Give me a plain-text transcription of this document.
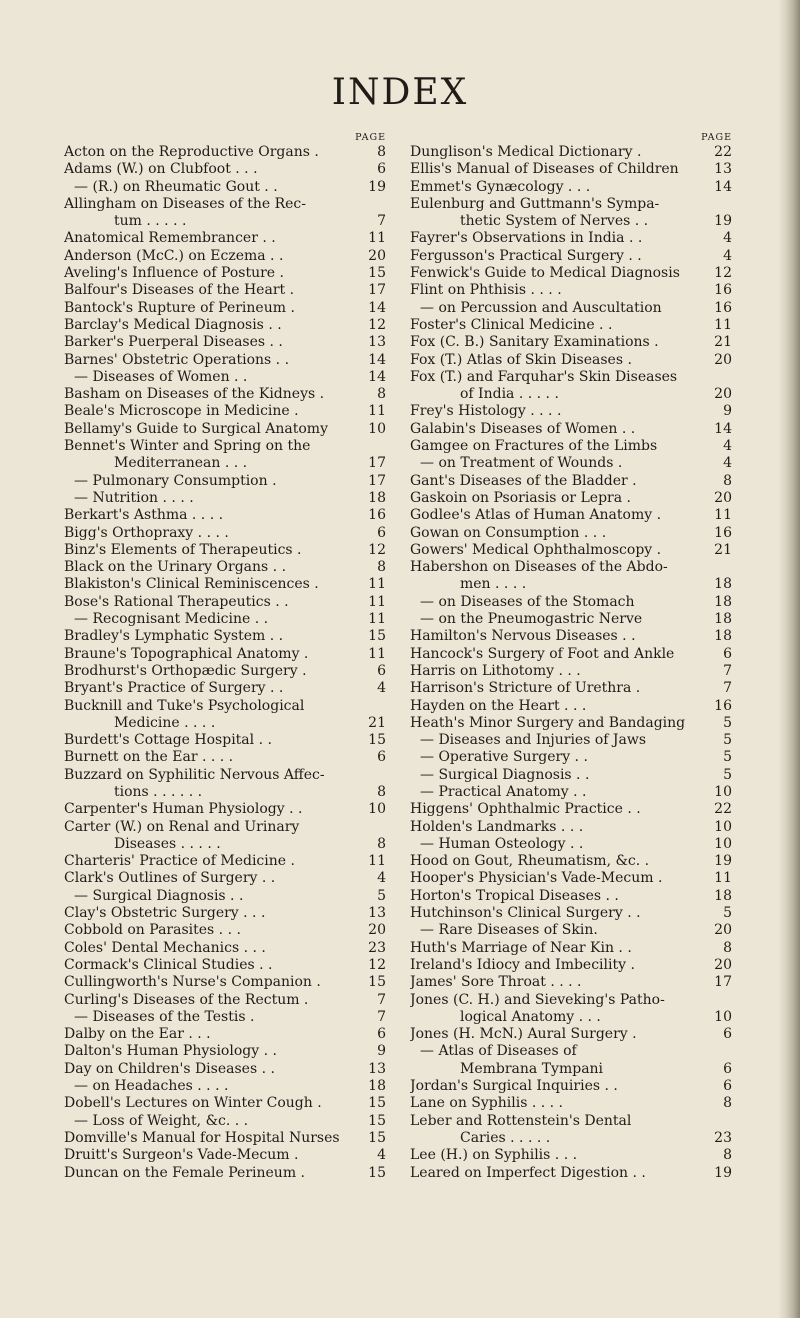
INDEX
PAGE
Acton on the Reproductive Organs .	8
Adams (W.) on Clubfoot . . .	6
— (R.) on Rheumatic Gout . .	19
Allingham on Diseases of the Rec-
tum . . . . .	7
Anatomical Remembrancer . .	11
Anderson (McC.) on Eczema . .	20
Aveling's Influence of Posture .	15
Balfour's Diseases of the Heart .	17
Bantock's Rupture of Perineum .	14
Barclay's Medical Diagnosis . .	12
Barker's Puerperal Diseases . .	13
Barnes' Obstetric Operations . .	14
— Diseases of Women . .	14
Basham on Diseases of the Kidneys .	8
Beale's Microscope in Medicine .	11
Bellamy's Guide to Surgical Anatomy	10
Bennet's Winter and Spring on the
Mediterranean . . .	17
— Pulmonary Consumption .	17
— Nutrition . . . .	18
Berkart's Asthma . . . .	16
Bigg's Orthopraxy . . . .	6
Binz's Elements of Therapeutics .	12
Black on the Urinary Organs . .	8
Blakiston's Clinical Reminiscences .	11
Bose's Rational Therapeutics . .	11
— Recognisant Medicine . .	11
Bradley's Lymphatic System . .	15
Braune's Topographical Anatomy .	11
Brodhurst's Orthopædic Surgery .	6
Bryant's Practice of Surgery . .	4
Bucknill and Tuke's Psychological
Medicine . . . .	21
Burdett's Cottage Hospital . .	15
Burnett on the Ear . . . .	6
Buzzard on Syphilitic Nervous Affec-
tions . . . . . .	8
Carpenter's Human Physiology . .	10
Carter (W.) on Renal and Urinary
Diseases . . . . .	8
Charteris' Practice of Medicine .	11
Clark's Outlines of Surgery . .	4
— Surgical Diagnosis . .	5
Clay's Obstetric Surgery . . .	13
Cobbold on Parasites . . .	20
Coles' Dental Mechanics . . .	23
Cormack's Clinical Studies . .	12
Cullingworth's Nurse's Companion .	15
Curling's Diseases of the Rectum .	7
— Diseases of the Testis .	7
Dalby on the Ear . . .	6
Dalton's Human Physiology . .	9
Day on Children's Diseases . .	13
— on Headaches . . . .	18
Dobell's Lectures on Winter Cough .	15
— Loss of Weight, &c. . .	15
Domville's Manual for Hospital Nurses	15
Druitt's Surgeon's Vade-Mecum .	4
Duncan on the Female Perineum .	15
PAGE
Dunglison's Medical Dictionary .	22
Ellis's Manual of Diseases of Children	13
Emmet's Gynæcology . . .	14
Eulenburg and Guttmann's Sympa-
thetic System of Nerves . .	19
Fayrer's Observations in India . .	4
Fergusson's Practical Surgery . .	4
Fenwick's Guide to Medical Diagnosis	12
Flint on Phthisis . . . .	16
— on Percussion and Auscultation	16
Foster's Clinical Medicine . .	11
Fox (C. B.) Sanitary Examinations .	21
Fox (T.) Atlas of Skin Diseases .	20
Fox (T.) and Farquhar's Skin Diseases
of India . . . . .	20
Frey's Histology . . . .	9
Galabin's Diseases of Women . .	14
Gamgee on Fractures of the Limbs	4
— on Treatment of Wounds .	4
Gant's Diseases of the Bladder .	8
Gaskoin on Psoriasis or Lepra .	20
Godlee's Atlas of Human Anatomy .	11
Gowan on Consumption . . .	16
Gowers' Medical Ophthalmoscopy .	21
Habershon on Diseases of the Abdo-
men . . . .	18
— on Diseases of the Stomach	18
— on the Pneumogastric Nerve	18
Hamilton's Nervous Diseases . .	18
Hancock's Surgery of Foot and Ankle	6
Harris on Lithotomy . . .	7
Harrison's Stricture of Urethra .	7
Hayden on the Heart . . .	16
Heath's Minor Surgery and Bandaging	5
— Diseases and Injuries of Jaws	5
— Operative Surgery . .	5
— Surgical Diagnosis . .	5
— Practical Anatomy . .	10
Higgens' Ophthalmic Practice . .	22
Holden's Landmarks . . .	10
— Human Osteology . .	10
Hood on Gout, Rheumatism, &c. .	19
Hooper's Physician's Vade-Mecum .	11
Horton's Tropical Diseases . .	18
Hutchinson's Clinical Surgery . .	5
— Rare Diseases of Skin.	20
Huth's Marriage of Near Kin . .	8
Ireland's Idiocy and Imbecility .	20
James' Sore Throat . . . .	17
Jones (C. H.) and Sieveking's Patho-
logical Anatomy . . .	10
Jones (H. McN.) Aural Surgery .	6
— Atlas of Diseases of
Membrana Tympani	6
Jordan's Surgical Inquiries . .	6
Lane on Syphilis . . . .	8
Leber and Rottenstein's Dental
Caries . . . . .	23
Lee (H.) on Syphilis . . .	8
Leared on Imperfect Digestion . .	19
